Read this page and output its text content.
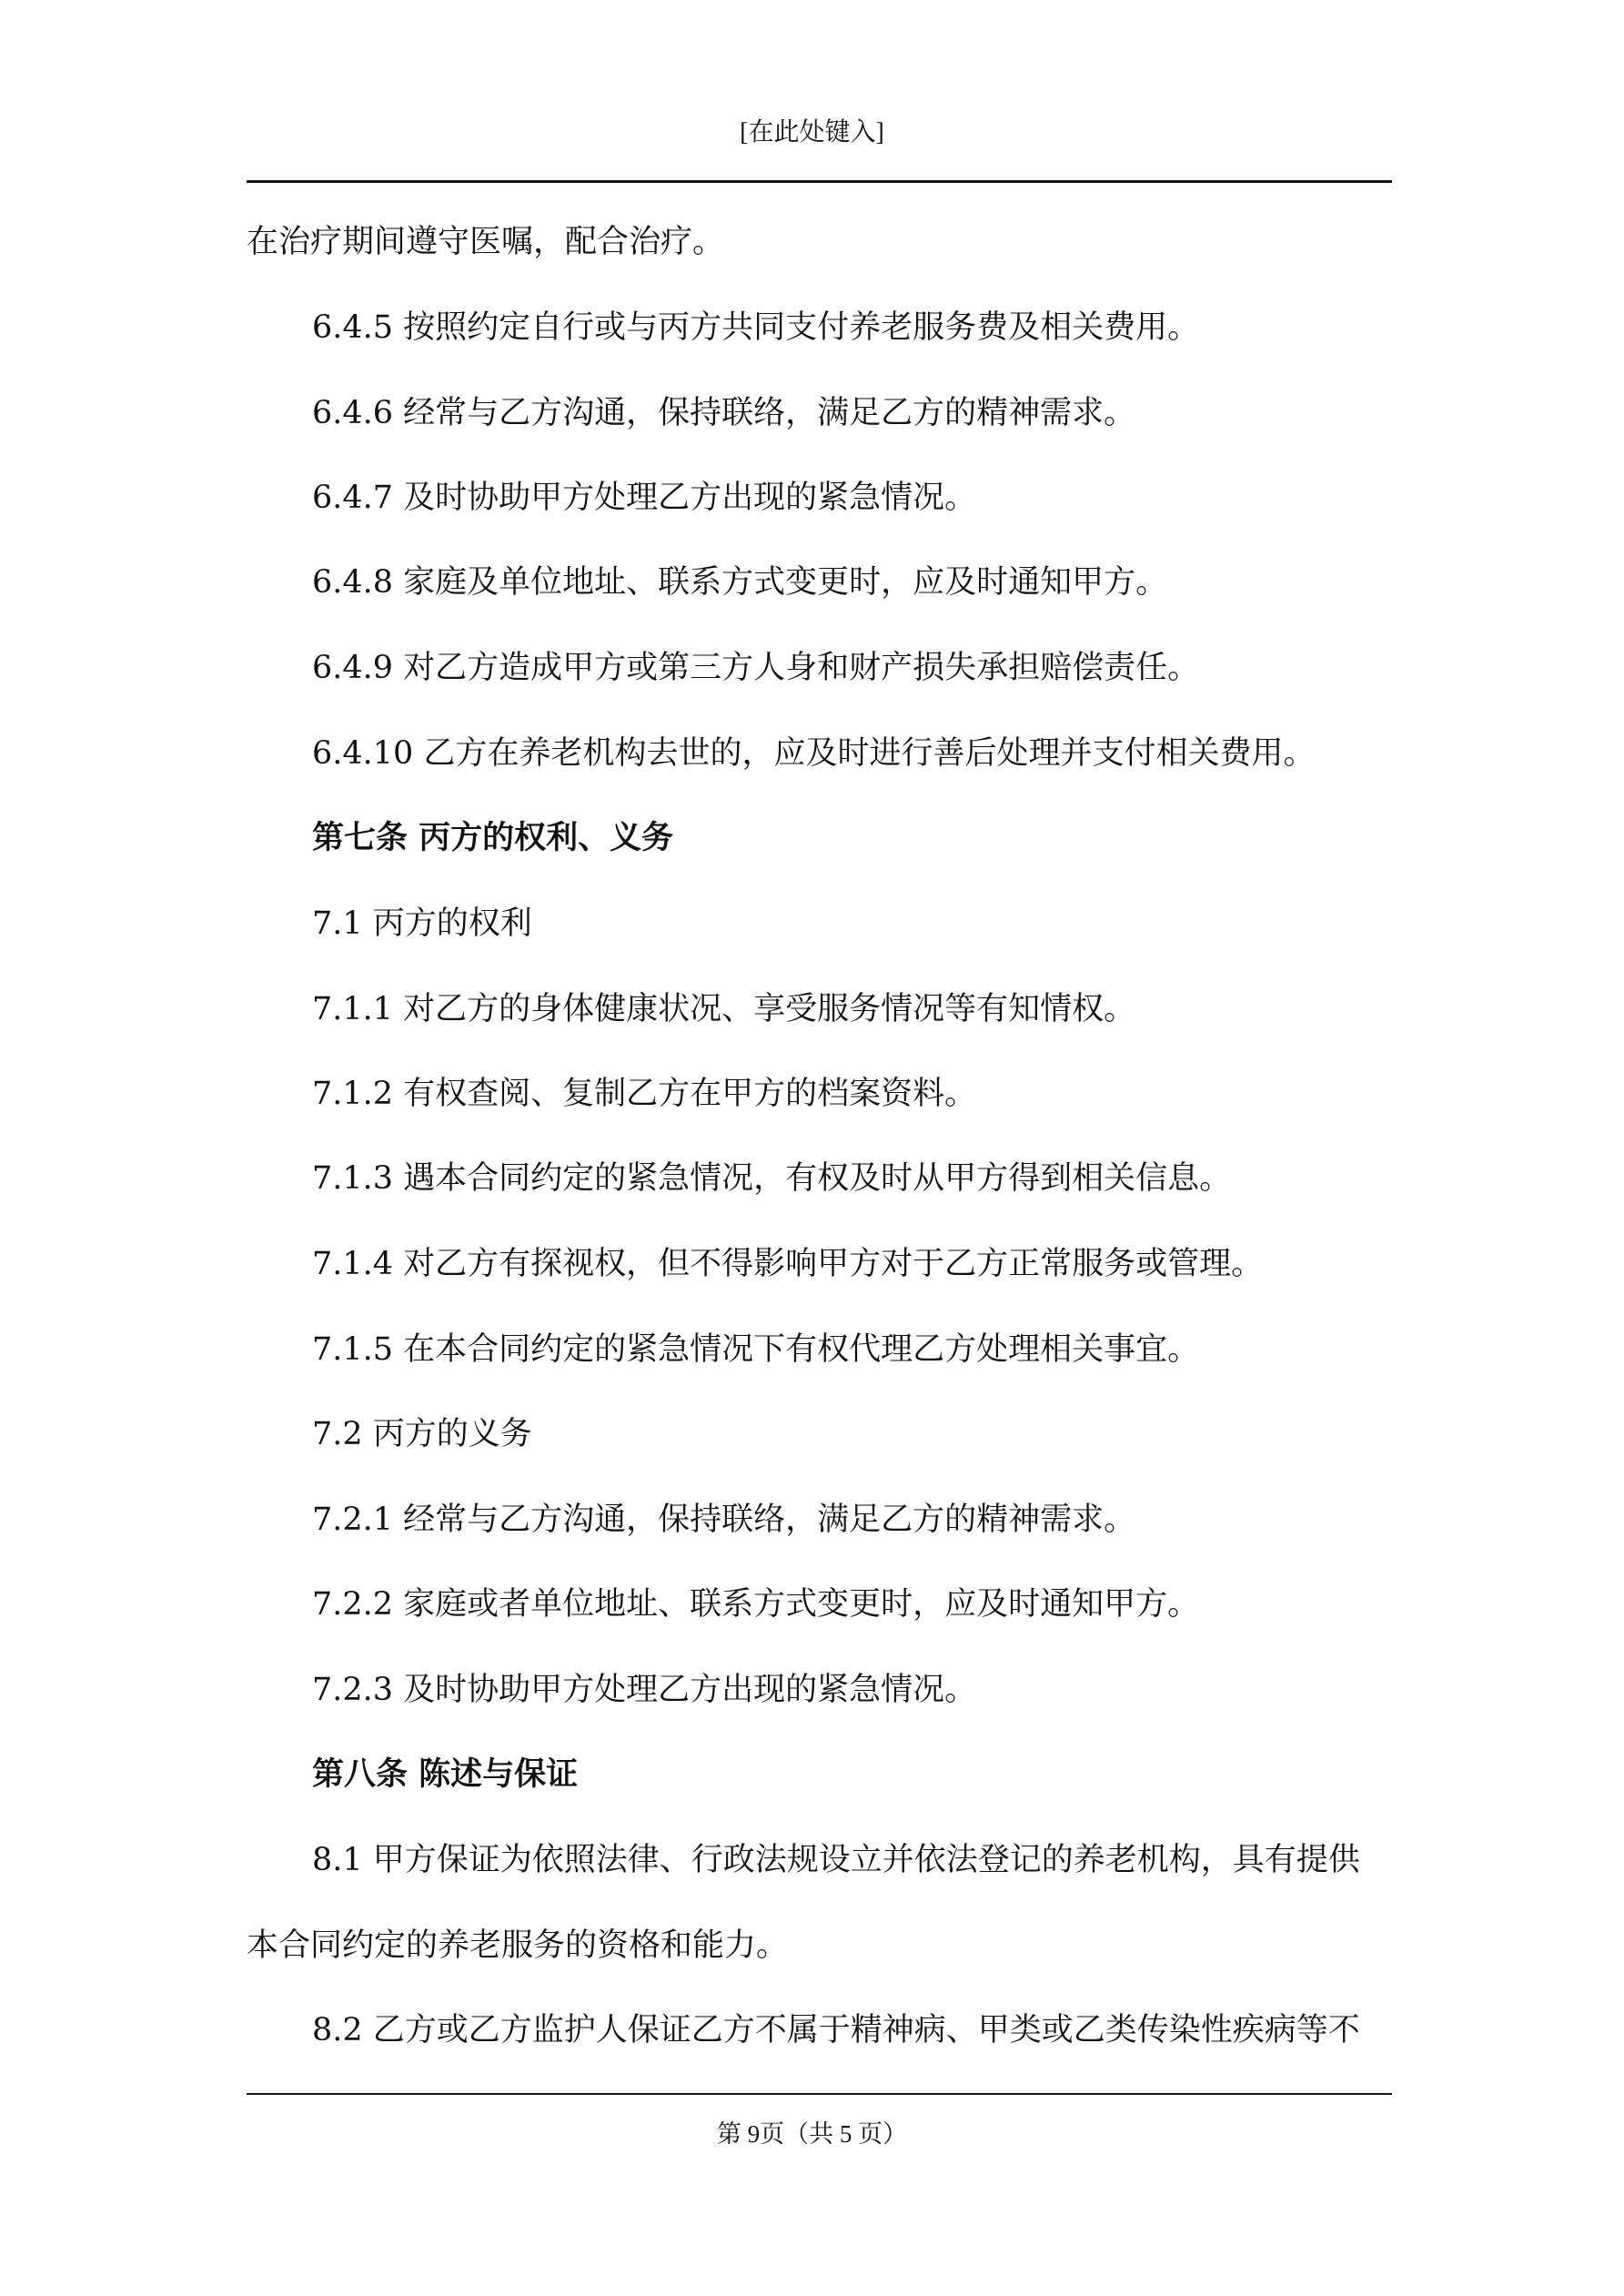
[在此处键入]
在治疗期间遵守医嘱，配合治疗。
6.4.5 按照约定自行或与丙方共同支付养老服务费及相关费用。
6.4.6 经常与乙方沟通，保持联络，满足乙方的精神需求。
6.4.7 及时协助甲方处理乙方出现的紧急情况。
6.4.8 家庭及单位地址、联系方式变更时，应及时通知甲方。
6.4.9 对乙方造成甲方或第三方人身和财产损失承担赔偿责任。
6.4.10 乙方在养老机构去世的，应及时进行善后处理并支付相关费用。
第七条 丙方的权利、义务
7.1 丙方的权利
7.1.1 对乙方的身体健康状况、享受服务情况等有知情权。
7.1.2 有权查阅、复制乙方在甲方的档案资料。
7.1.3 遇本合同约定的紧急情况，有权及时从甲方得到相关信息。
7.1.4 对乙方有探视权，但不得影响甲方对于乙方正常服务或管理。
7.1.5 在本合同约定的紧急情况下有权代理乙方处理相关事宜。
7.2 丙方的义务
7.2.1 经常与乙方沟通，保持联络，满足乙方的精神需求。
7.2.2 家庭或者单位地址、联系方式变更时，应及时通知甲方。
7.2.3 及时协助甲方处理乙方出现的紧急情况。
第八条 陈述与保证
8.1 甲方保证为依照法律、行政法规设立并依法登记的养老机构，具有提供
本合同约定的养老服务的资格和能力。
8.2 乙方或乙方监护人保证乙方不属于精神病、甲类或乙类传染性疾病等不
第 9页（共 5 页）
